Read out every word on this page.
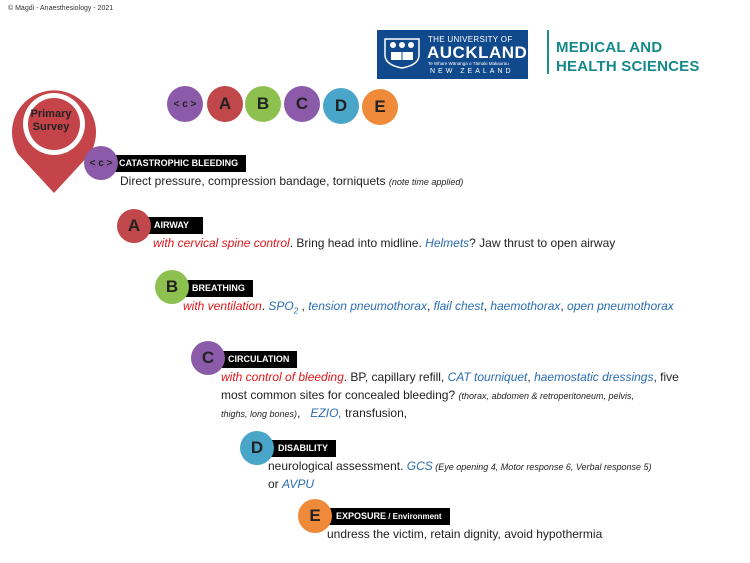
© Magdi - Anaesthesiology - 2021
THE UNIVERSITY OF
AUCKLAND
Te Whare Wānanga o Tāmaki Makaurau
NEW ZEALAND
MEDICAL AND
HEALTH SCIENCES
< c >	A	B	C	D	E
Primary
Survey
CATASTROPHIC BLEEDING
< c >
Direct pressure, compression bandage, torniquets (note time applied)
AIRWAY
A
with cervical spine control. Bring head into midline. Helmets? Jaw thrust to open airway
BREATHING
B
with ventilation. $SPO_2$ , tension pneumothorax, flail chest, haemothorax, open pneumothorax
CIRCULATION
C
with control of bleeding. BP, capillary refill, CAT tourniquet, haemostatic dressings, five
most common sites for concealed bleeding? (thorax, abdomen & retroperitoneum, pelvis,
thighs, long bones),   EZIO, transfusion,
DISABILITY
D
neurological assessment. GCS (Eye opening 4, Motor response 6, Verbal response 5)
or AVPU
EXPOSURE / Environment
E
undress the victim, retain dignity, avoid hypothermia
